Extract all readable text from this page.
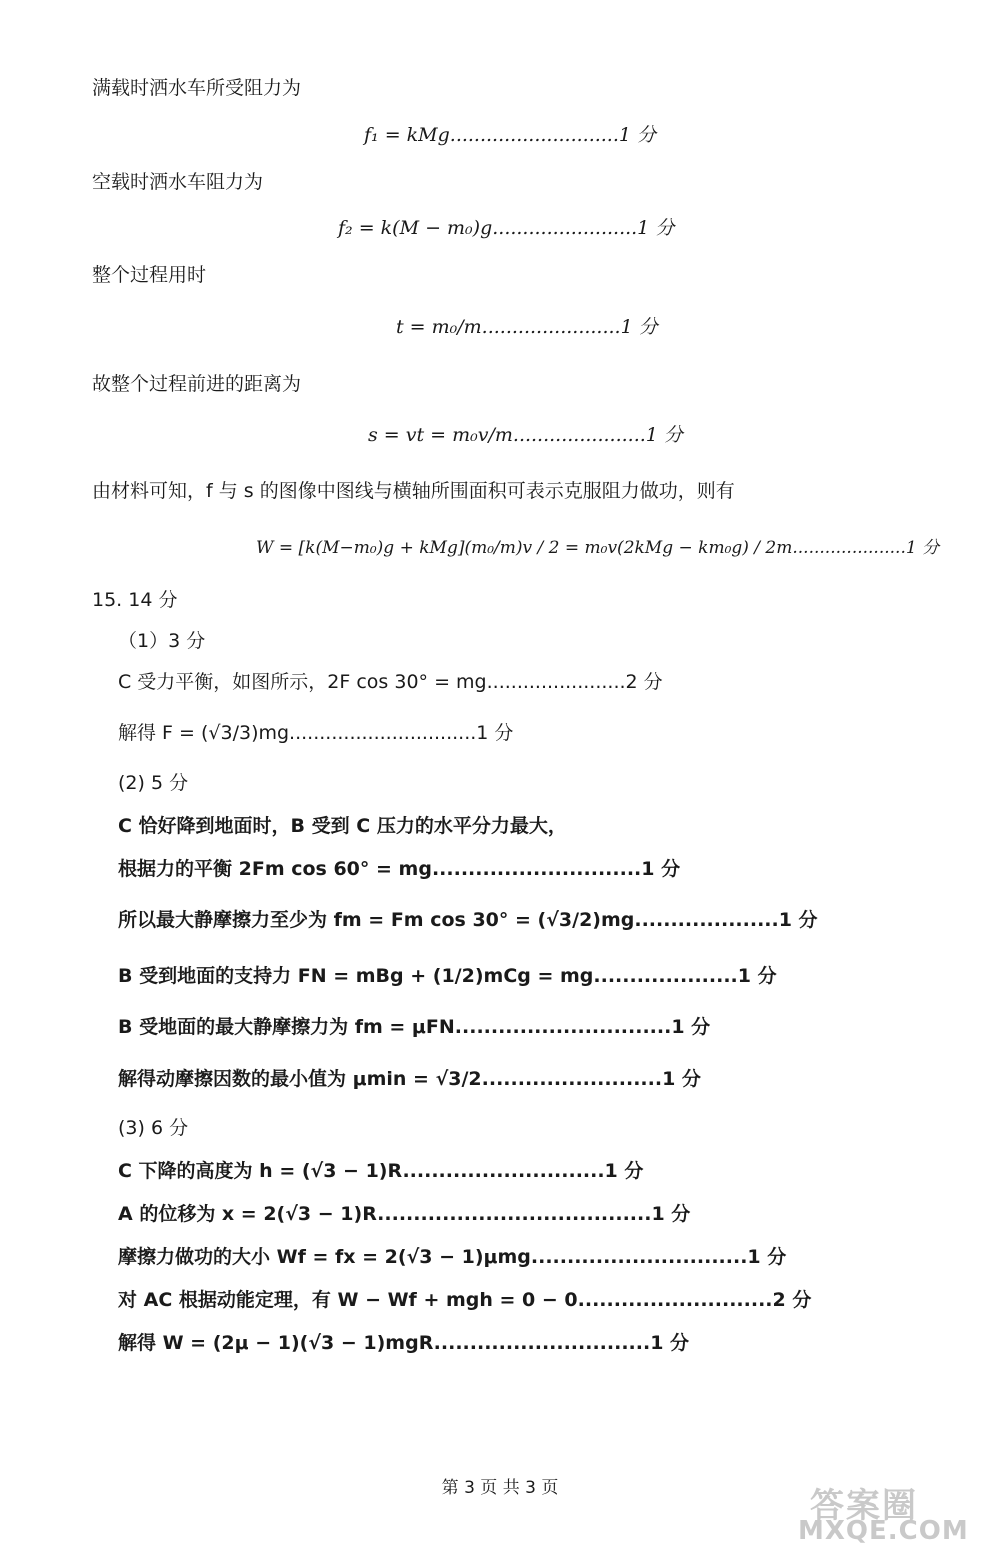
满载时洒水车所受阻力为
f₁ = kMg............................1 分
空载时洒水车阻力为
f₂ = k(M − m₀)g........................1 分
整个过程用时
t = m₀/m.......................1 分
故整个过程前进的距离为
s = vt = m₀v/m......................1 分
由材料可知，f 与 s 的图像中图线与横轴所围面积可表示克服阻力做功，则有
W = [k(M−m₀)g + kMg](m₀/m)v / 2 = m₀v(2kMg − km₀g) / 2m.....................1 分
15. 14 分
（1）3 分
C 受力平衡，如图所示，2F cos 30° = mg.......................2 分
解得 F = (√3/3)mg...............................1 分
(2) 5 分
C 恰好降到地面时，B 受到 C 压力的水平分力最大，
根据力的平衡 2Fm cos 60° = mg.............................1 分
所以最大静摩擦力至少为 fm = Fm cos 30° = (√3/2)mg....................1 分
B 受到地面的支持力 FN = mBg + (1/2)mCg = mg....................1 分
B 受地面的最大静摩擦力为 fm = μFN..............................1 分
解得动摩擦因数的最小值为 μmin = √3/2.........................1 分
(3) 6 分
C 下降的高度为 h = (√3 − 1)R............................1 分
A 的位移为 x = 2(√3 − 1)R......................................1 分
摩擦力做功的大小 Wf = fx = 2(√3 − 1)μmg..............................1 分
对 AC 根据动能定理，有 W − Wf + mgh = 0 − 0...........................2 分
解得 W = (2μ − 1)(√3 − 1)mgR..............................1 分
第 3 页 共 3 页	答案圈
MXQE.COM
